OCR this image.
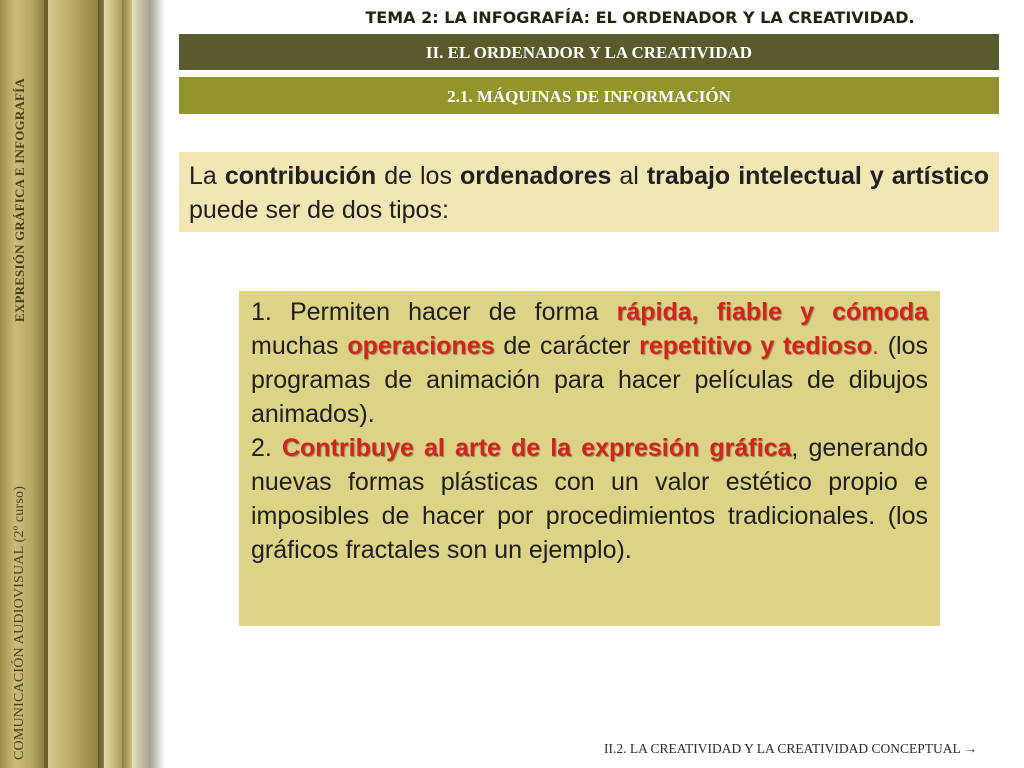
EXPRESIÓN GRÁFICA E INFOGRAFÍA
COMUNICACIÓN AUDIOVISUAL (2º curso)
TEMA 2: LA INFOGRAFÍA: EL ORDENADOR Y LA CREATIVIDAD.
II. EL ORDENADOR Y LA CREATIVIDAD
2.1. MÁQUINAS DE INFORMACIÓN
La contribución de los ordenadores al trabajo intelectual y artístico puede ser de dos tipos:

1. Permiten hacer de forma rápida, fiable y cómoda muchas operaciones de carácter repetitivo y tedioso. (los programas de animación para hacer películas de dibujos animados).

2. Contribuye al arte de la expresión gráfica, generando nuevas formas plásticas con un valor estético propio e imposibles de hacer por procedimientos tradicionales. (los gráficos fractales son un ejemplo).

II.2. LA CREATIVIDAD Y LA CREATIVIDAD CONCEPTUAL →
